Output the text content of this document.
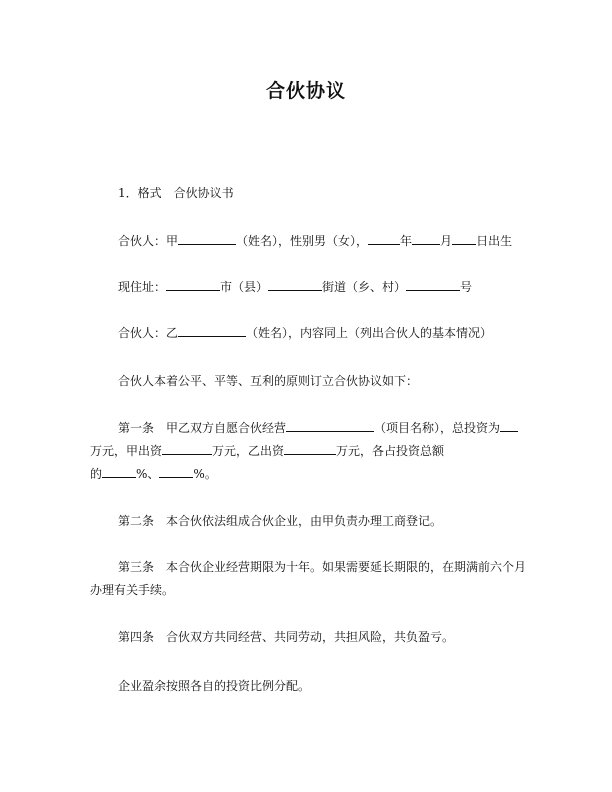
合伙协议
1．格式　合伙协议书
合伙人：甲	（姓名），性别男（女），	年 月 日出生
现住址：	市（县）	街道（乡、村）	号
合伙人：乙	（姓名），内容同上（列出合伙人的基本情况）
合伙人本着公平、平等、互利的原则订立合伙协议如下：
第一条　甲乙双方自愿合伙经营	（项目名称），总投资为
万元，甲出资	万元，乙出资	万元，各占投资总额
的	%、	%。
第二条　本合伙依法组成合伙企业，由甲负责办理工商登记。
第三条　本合伙企业经营期限为十年。如果需要延长期限的，在期满前六个月
办理有关手续。
第四条　合伙双方共同经营、共同劳动，共担风险，共负盈亏。
企业盈余按照各自的投资比例分配。
